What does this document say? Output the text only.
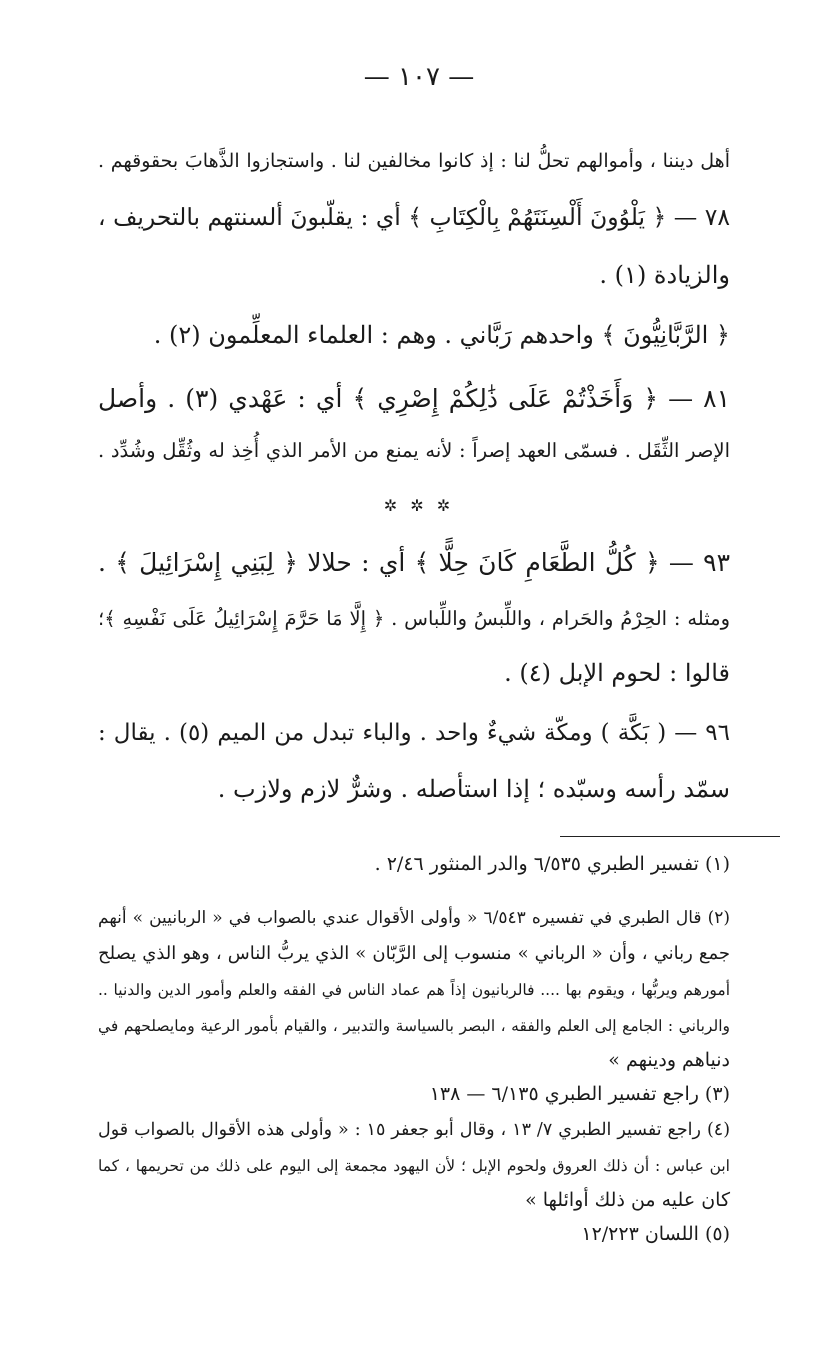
— ١٠٧ —
أهل ديننا ، وأموالهم تحلُّ لنا : إذ كانوا مخالفين لنا . واستجازوا الذَّهابَ بحقوقهم .
٧٨ — ﴿ يَلْوُونَ أَلْسِنَتَهُمْ بِالْكِتَابِ ﴾ أي : يقلّبونَ ألسنتهم بالتحريف ،
والزيادة (١) .
﴿ الرَّبَّانِيُّونَ ﴾ واحدهم رَبَّاني . وهم : العلماء المعلِّمون (٢) .
٨١ — ﴿ وَأَخَذْتُمْ عَلَى ذَٰلِكُمْ إِصْرِي ﴾ أي : عَهْدي (٣) . وأصل
الإصر الثِّقَل . فسمّى العهد إصراً : لأنه يمنع من الأمر الذي أُخِذ له وثُقِّل وشُدِّد .
✲ ✲ ✲
٩٣ — ﴿ كُلُّ الطَّعَامِ كَانَ حِلًّا ﴾ أي : حلالا ﴿ لِبَنِي إِسْرَائِيلَ ﴾ .
ومثله : الحِرْمُ والحَرام ، واللِّبسُ واللِّباس . ﴿ إِلَّا مَا حَرَّمَ إِسْرَائِيلُ عَلَى نَفْسِهِ ﴾؛
قالوا : لحوم الإبل (٤) .
٩٦ — ( بَكَّة ) ومكّة شيءٌ واحد . والباء تبدل من الميم (٥) . يقال :
سمّد رأسه وسبّده ؛ إذا استأصله . وشرٌّ لازم ولازب .
(١) تفسير الطبري ٦/٥٣٥ والدر المنثور ٢/٤٦ .
(٢) قال الطبري في تفسيره ٦/٥٤٣ « وأولى الأقوال عندي بالصواب في « الربانيين » أنهم
جمع رباني ، وأن « الرباني » منسوب إلى الرَّبّان » الذي يربُّ الناس ، وهو الذي يصلح
أمورهم ويربُّها ، ويقوم بها .... فالربانيون إذاً هم عماد الناس في الفقه والعلم وأمور الدين والدنيا ..
والرباني : الجامع إلى العلم والفقه ، البصر بالسياسة والتدبير ، والقيام بأمور الرعية ومايصلحهم في
دنياهم ودينهم »
(٣) راجع تفسير الطبري ٦/١٣٥ — ١٣٨
(٤) راجع تفسير الطبري ٧/ ١٣ ، وقال أبو جعفر ١٥ : « وأولى هذه الأقوال بالصواب قول
ابن عباس : أن ذلك العروق ولحوم الإبل ؛ لأن اليهود مجمعة إلى اليوم على ذلك من تحريمها ، كما
كان عليه من ذلك أوائلها »
(٥) اللسان ١٢/٢٢٣
